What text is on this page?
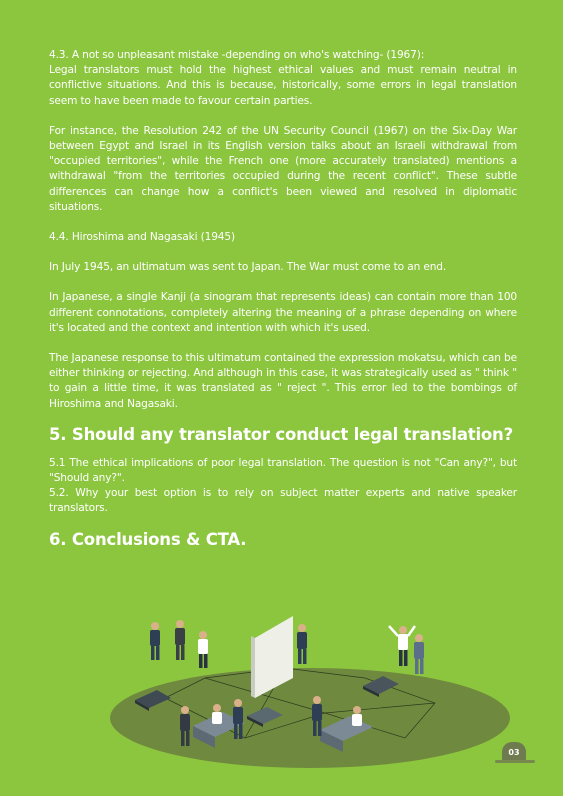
4.3. A not so unpleasant mistake -depending on who's watching- (1967):

Legal translators must hold the highest ethical values and must remain neutral in conflictive situations. And this is because, historically, some errors in legal translation seem to have been made to favour certain parties.

For instance, the Resolution 242 of the UN Security Council (1967) on the Six-Day War between Egypt and Israel in its English version talks about an Israeli withdrawal from "occupied territories", while the French one (more accurately translated) mentions a withdrawal "from the territories occupied during the recent conflict". These subtle differences can change how a conflict's been viewed and resolved in diplomatic situations.

4.4. Hiroshima and Nagasaki (1945)

In July 1945, an ultimatum was sent to Japan. The War must come to an end.

In Japanese, a single Kanji (a sinogram that represents ideas) can contain more than 100 different connotations, completely altering the meaning of a phrase depending on where it's located and the context and intention with which it's used.

The Japanese response to this ultimatum contained the expression mokatsu, which can be either thinking or rejecting. And although in this case, it was strategically used as " think " to gain a little time, it was translated as " reject ". This error led to the bombings of Hiroshima and Nagasaki.

5. Should any translator conduct legal translation?

5.1 The ethical implications of poor legal translation. The question is not "Can any?", but "Should any?".

5.2. Why your best option is to rely on subject matter experts and native speaker translators.

6. Conclusions & CTA.
03
